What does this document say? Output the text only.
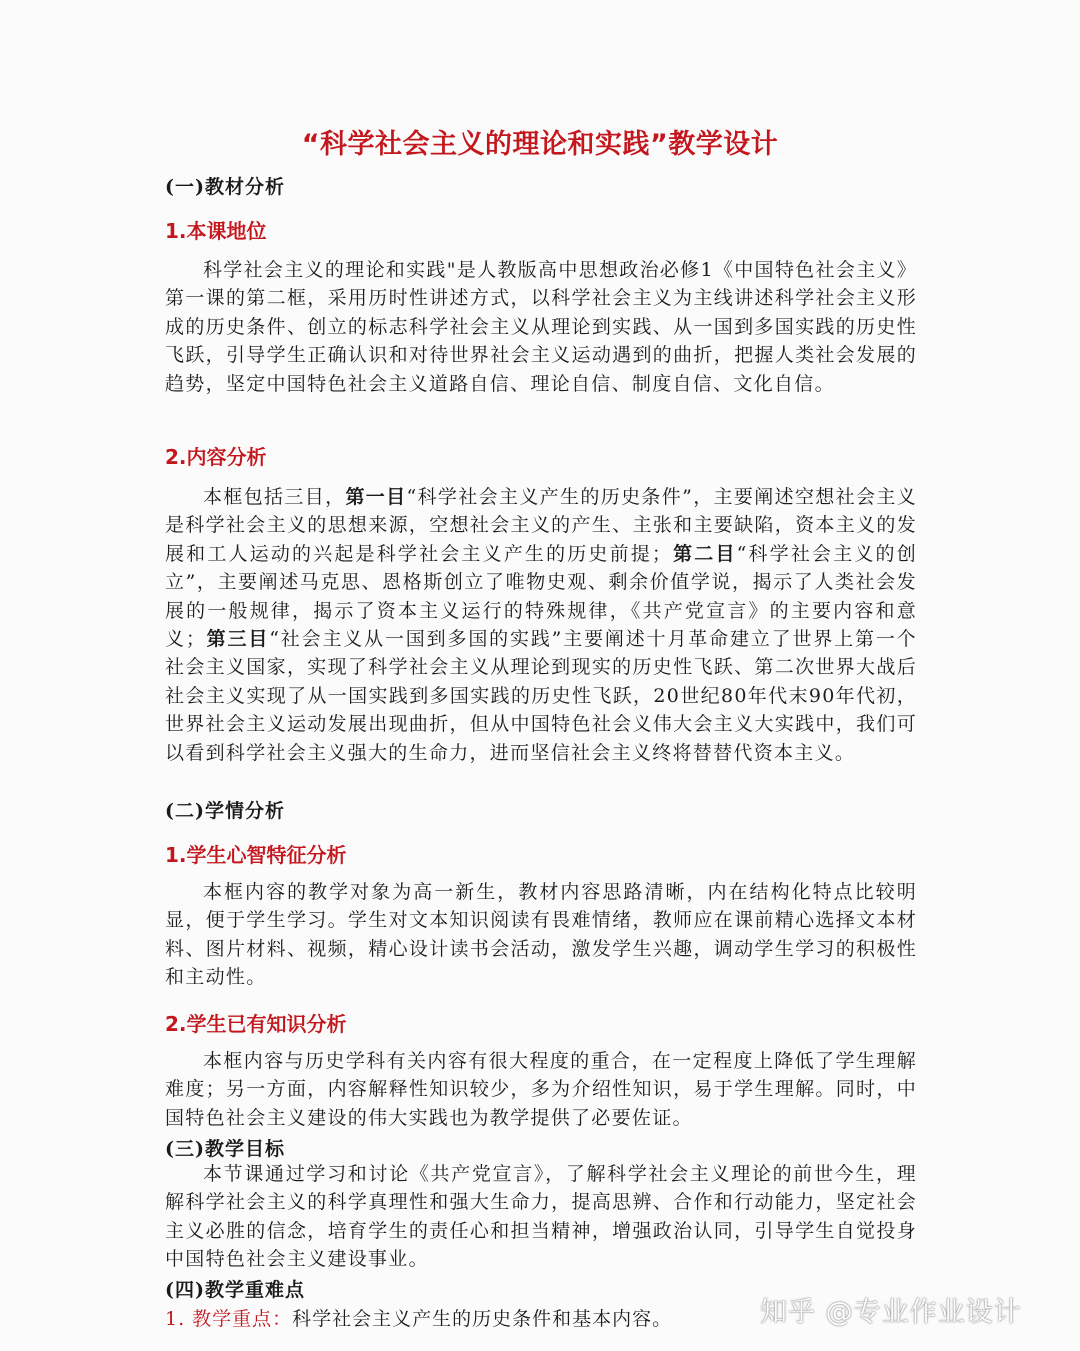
“科学社会主义的理论和实践”教学设计
(一)教材分析
1.本课地位
科学社会主义的理论和实践"是人教版高中思想政治必修1《中国特色社会主义》第一课的第二框，采用历时性讲述方式，以科学社会主义为主线讲述科学社会主义形成的历史条件、创立的标志科学社会主义从理论到实践、从一国到多国实践的历史性飞跃，引导学生正确认识和对待世界社会主义运动遇到的曲折，把握人类社会发展的趋势，坚定中国特色社会主义道路自信、理论自信、制度自信、文化自信。
2.内容分析
本框包括三目，第一目“科学社会主义产生的历史条件”，主要阐述空想社会主义是科学社会主义的思想来源，空想社会主义的产生、主张和主要缺陷，资本主义的发展和工人运动的兴起是科学社会主义产生的历史前提；第二目“科学社会主义的创立”，主要阐述马克思、恩格斯创立了唯物史观、剩余价值学说，揭示了人类社会发展的一般规律，揭示了资本主义运行的特殊规律，《共产党宣言》的主要内容和意义；第三目“社会主义从一国到多国的实践”主要阐述十月革命建立了世界上第一个社会主义国家，实现了科学社会主义从理论到现实的历史性飞跃、第二次世界大战后社会主义实现了从一国实践到多国实践的历史性飞跃，20世纪80年代末90年代初，世界社会主义运动发展出现曲折，但从中国特色社会义伟大会主义大实践中，我们可以看到科学社会主义强大的生命力，进而坚信社会主义终将替替代资本主义。
(二)学情分析
1.学生心智特征分析
本框内容的教学对象为高一新生，教材内容思路清晰，内在结构化特点比较明显，便于学生学习。学生对文本知识阅读有畏难情绪，教师应在课前精心选择文本材料、图片材料、视频，精心设计读书会活动，激发学生兴趣，调动学生学习的积极性和主动性。
2.学生已有知识分析
本框内容与历史学科有关内容有很大程度的重合，在一定程度上降低了学生理解难度；另一方面，内容解释性知识较少，多为介绍性知识，易于学生理解。同时，中国特色社会主义建设的伟大实践也为教学提供了必要佐证。
(三)教学目标
本节课通过学习和讨论《共产党宣言》，了解科学社会主义理论的前世今生，理解科学社会主义的科学真理性和强大生命力，提高思辨、合作和行动能力，坚定社会主义必胜的信念，培育学生的责任心和担当精神，增强政治认同，引导学生自觉投身中国特色社会主义建设事业。
(四)教学重难点
1. 教学重点：科学社会主义产生的历史条件和基本内容。	知乎 @专业作业设计
